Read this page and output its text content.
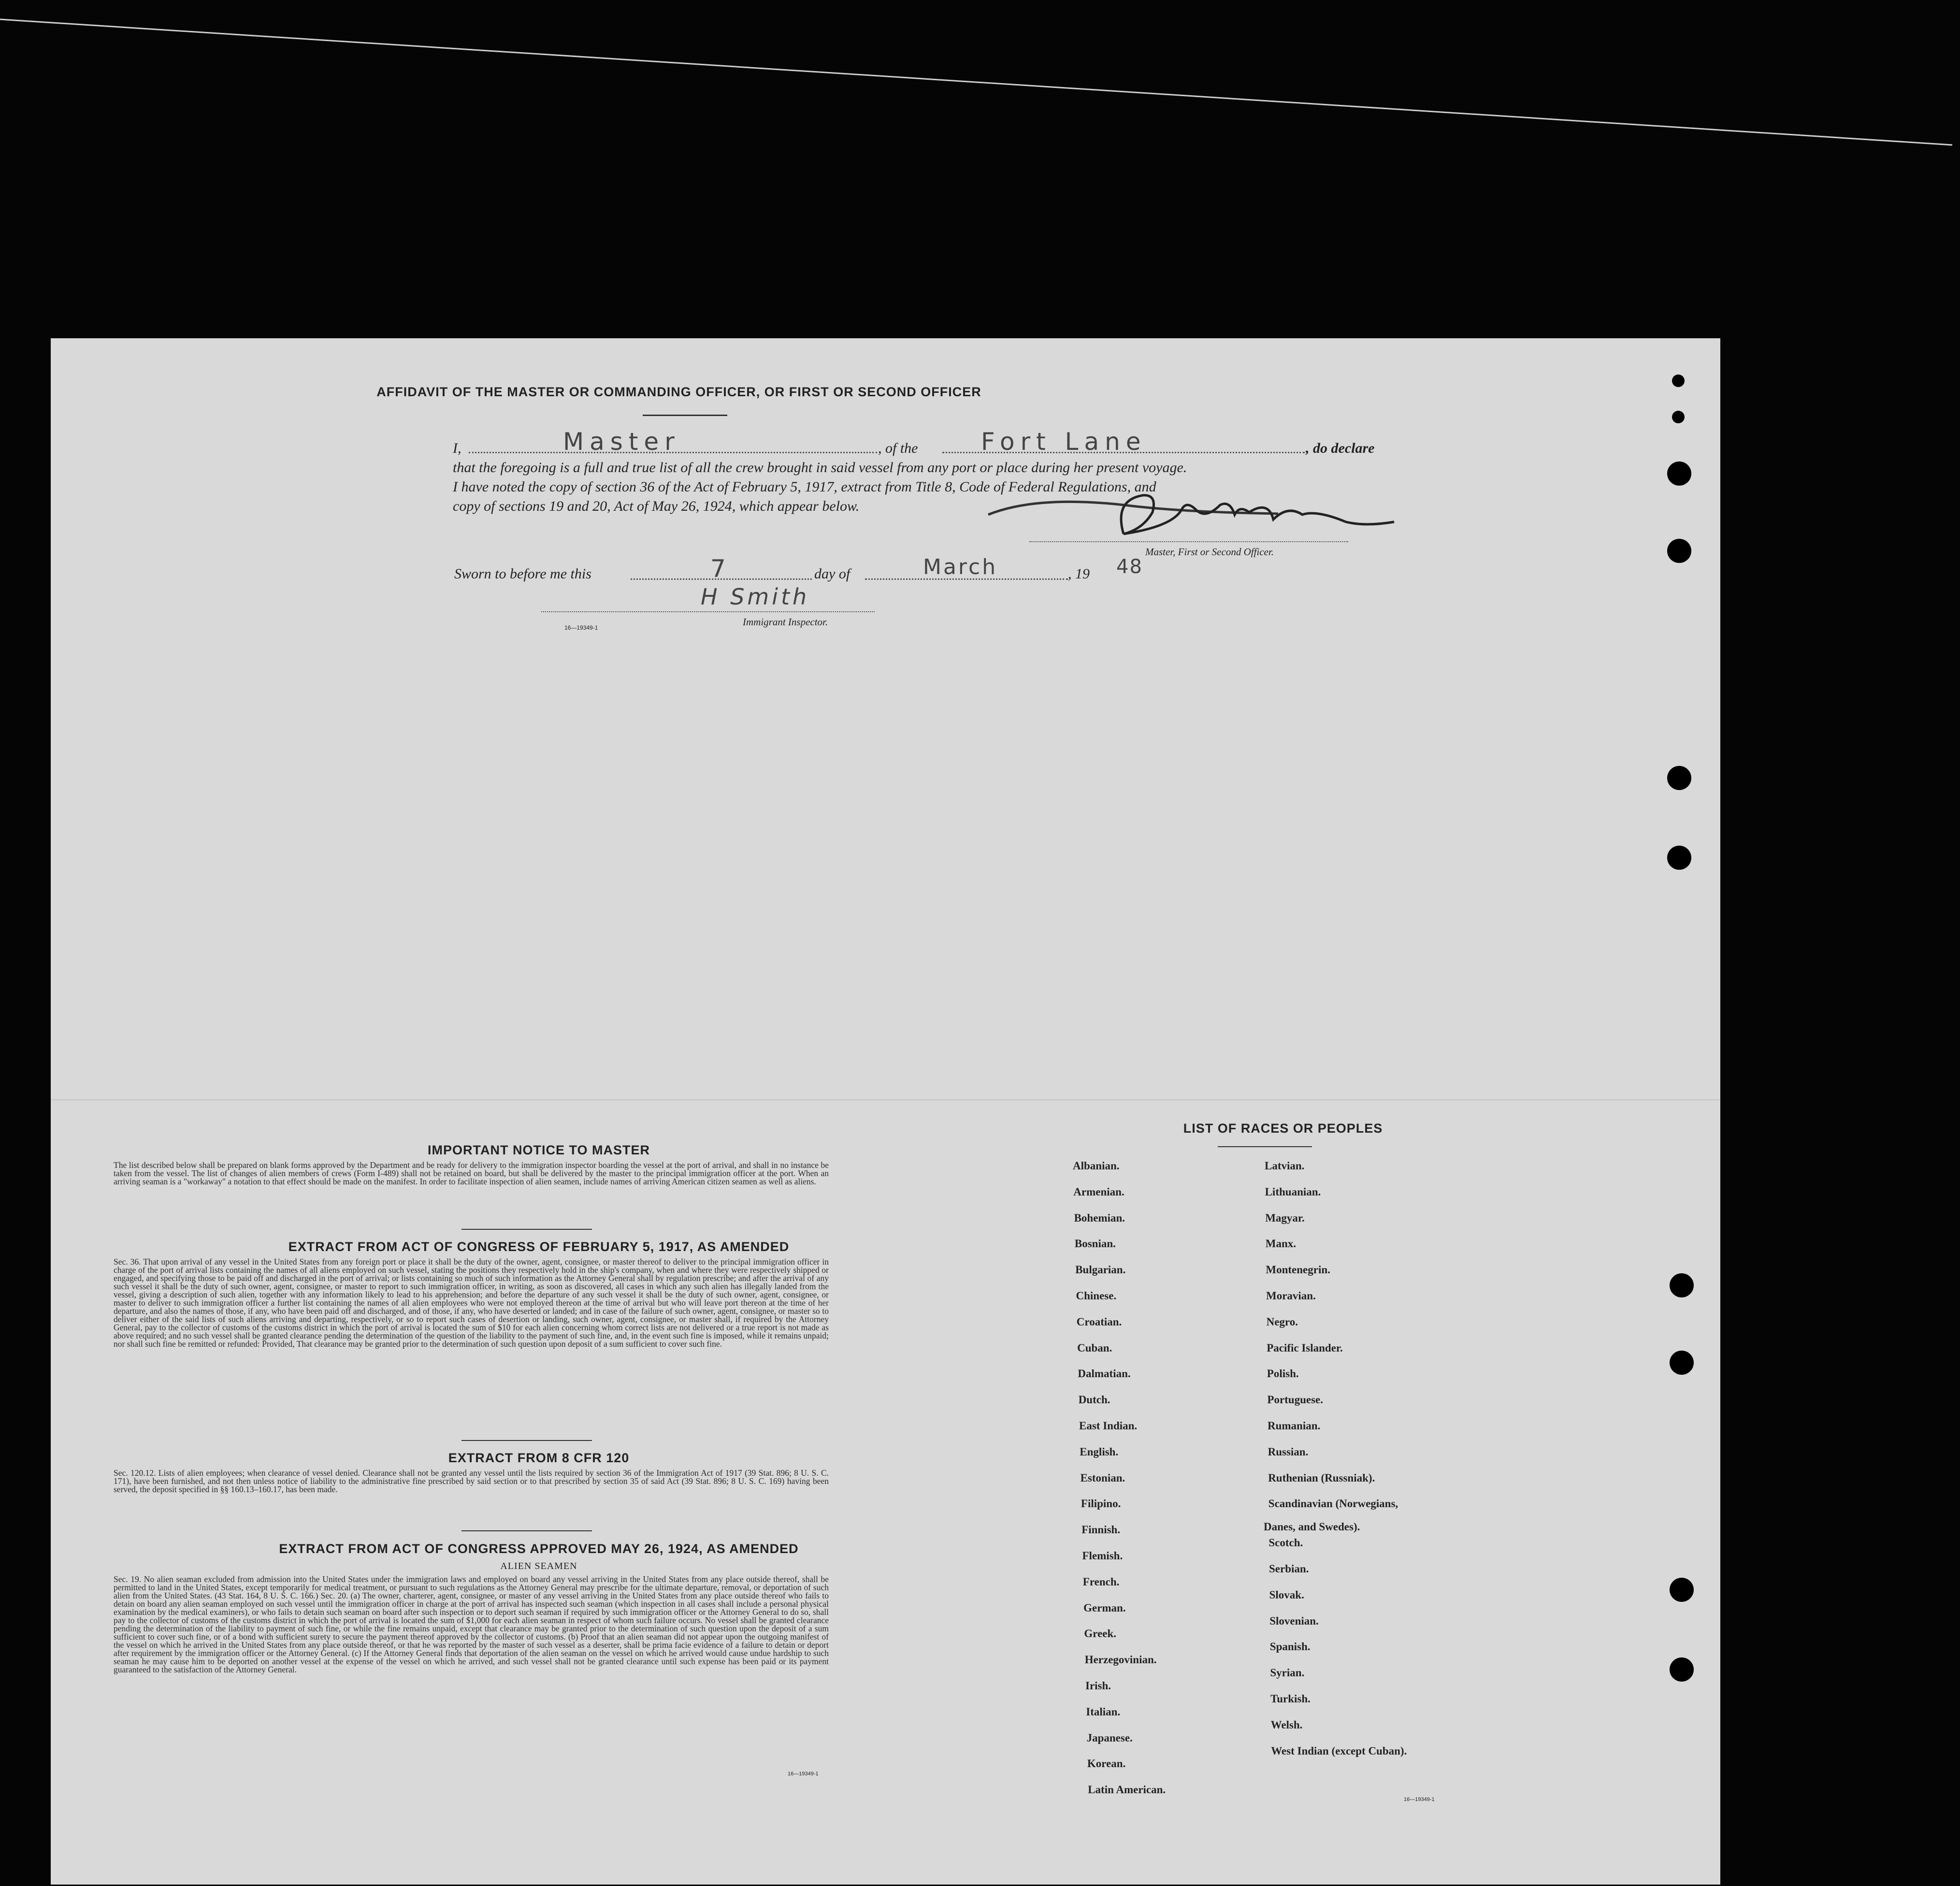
AFFIDAVIT OF THE MASTER OR COMMANDING OFFICER, OR FIRST OR SECOND OFFICER
I,	Master	, of the	Fort Lane	, do declare
that the foregoing is a full and true list of all the crew brought in said vessel from any port or place during her present voyage.
I have noted the copy of section 36 of the Act of February 5, 1917, extract from Title 8, Code of Federal Regulations, and
copy of sections 19 and 20, Act of May 26, 1924, which appear below.
Master, First or Second Officer.
Sworn to before me this	7	day of	March	, 19 48
H Smith
Immigrant Inspector.
16—19349-1
IMPORTANT NOTICE TO MASTER
The list described below shall be prepared on blank forms approved by the Department and be ready for delivery to the immigration inspector boarding the vessel at the port of arrival, and shall in no instance be taken from the vessel. The list of changes of alien members of crews (Form I-489) shall not be retained on board, but shall be delivered by the master to the principal immigration officer at the port. When an arriving seaman is a "workaway" a notation to that effect should be made on the manifest. In order to facilitate inspection of alien seamen, include names of arriving American citizen seamen as well as aliens.
EXTRACT FROM ACT OF CONGRESS OF FEBRUARY 5, 1917, AS AMENDED
Sec. 36. That upon arrival of any vessel in the United States from any foreign port or place it shall be the duty of the owner, agent, consignee, or master thereof to deliver to the principal immigration officer in charge of the port of arrival lists containing the names of all aliens employed on such vessel, stating the positions they respectively hold in the ship's company, when and where they were respectively shipped or engaged, and specifying those to be paid off and discharged in the port of arrival; or lists containing so much of such information as the Attorney General shall by regulation prescribe; and after the arrival of any such vessel it shall be the duty of such owner, agent, consignee, or master to report to such immigration officer, in writing, as soon as discovered, all cases in which any such alien has illegally landed from the vessel, giving a description of such alien, together with any information likely to lead to his apprehension; and before the departure of any such vessel it shall be the duty of such owner, agent, consignee, or master to deliver to such immigration officer a further list containing the names of all alien employees who were not employed thereon at the time of arrival but who will leave port thereon at the time of her departure, and also the names of those, if any, who have been paid off and discharged, and of those, if any, who have deserted or landed; and in case of the failure of such owner, agent, consignee, or master so to deliver either of the said lists of such aliens arriving and departing, respectively, or so to report such cases of desertion or landing, such owner, agent, consignee, or master shall, if required by the Attorney General, pay to the collector of customs of the customs district in which the port of arrival is located the sum of $10 for each alien concerning whom correct lists are not delivered or a true report is not made as above required; and no such vessel shall be granted clearance pending the determination of the question of the liability to the payment of such fine, and, in the event such fine is imposed, while it remains unpaid; nor shall such fine be remitted or refunded: Provided, That clearance may be granted prior to the determination of such question upon deposit of a sum sufficient to cover such fine.
EXTRACT FROM 8 CFR 120
Sec. 120.12. Lists of alien employees; when clearance of vessel denied. Clearance shall not be granted any vessel until the lists required by section 36 of the Immigration Act of 1917 (39 Stat. 896; 8 U. S. C. 171), have been furnished, and not then unless notice of liability to the administrative fine prescribed by said section or to that prescribed by section 35 of said Act (39 Stat. 896; 8 U. S. C. 169) having been served, the deposit specified in §§ 160.13–160.17, has been made.
EXTRACT FROM ACT OF CONGRESS APPROVED MAY 26, 1924, AS AMENDED
ALIEN SEAMEN
Sec. 19. No alien seaman excluded from admission into the United States under the immigration laws and employed on board any vessel arriving in the United States from any place outside thereof, shall be permitted to land in the United States, except temporarily for medical treatment, or pursuant to such regulations as the Attorney General may prescribe for the ultimate departure, removal, or deportation of such alien from the United States. (43 Stat. 164, 8 U. S. C. 166.) Sec. 20. (a) The owner, charterer, agent, consignee, or master of any vessel arriving in the United States from any place outside thereof who fails to detain on board any alien seaman employed on such vessel until the immigration officer in charge at the port of arrival has inspected such seaman (which inspection in all cases shall include a personal physical examination by the medical examiners), or who fails to detain such seaman on board after such inspection or to deport such seaman if required by such immigration officer or the Attorney General to do so, shall pay to the collector of customs of the customs district in which the port of arrival is located the sum of $1,000 for each alien seaman in respect of whom such failure occurs. No vessel shall be granted clearance pending the determination of the liability to payment of such fine, or while the fine remains unpaid, except that clearance may be granted prior to the determination of such question upon the deposit of a sum sufficient to cover such fine, or of a bond with sufficient surety to secure the payment thereof approved by the collector of customs. (b) Proof that an alien seaman did not appear upon the outgoing manifest of the vessel on which he arrived in the United States from any place outside thereof, or that he was reported by the master of such vessel as a deserter, shall be prima facie evidence of a failure to detain or deport after requirement by the immigration officer or the Attorney General. (c) If the Attorney General finds that deportation of the alien seaman on the vessel on which he arrived would cause undue hardship to such seaman he may cause him to be deported on another vessel at the expense of the vessel on which he arrived, and such vessel shall not be granted clearance until such expense has been paid or its payment guaranteed to the satisfaction of the Attorney General.
16—19349-1
LIST OF RACES OR PEOPLES
Albanian.
Armenian.
Bohemian.
Bosnian.
Bulgarian.
Chinese.
Croatian.
Cuban.
Dalmatian.
Dutch.
East Indian.
English.
Estonian.
Filipino.
Finnish.
Flemish.
French.
German.
Greek.
Herzegovinian.
Irish.
Italian.
Japanese.
Korean.
Latin American.
Latvian.
Lithuanian.
Magyar.
Manx.
Montenegrin.
Moravian.
Negro.
Pacific Islander.
Polish.
Portuguese.
Rumanian.
Russian.
Ruthenian (Russniak).
Scandinavian (Norwegians,
Scotch.
Serbian.
Slovak.
Slovenian.
Spanish.
Syrian.
Turkish.
Welsh.
West Indian (except Cuban).
Danes, and Swedes).
16—19349-1
